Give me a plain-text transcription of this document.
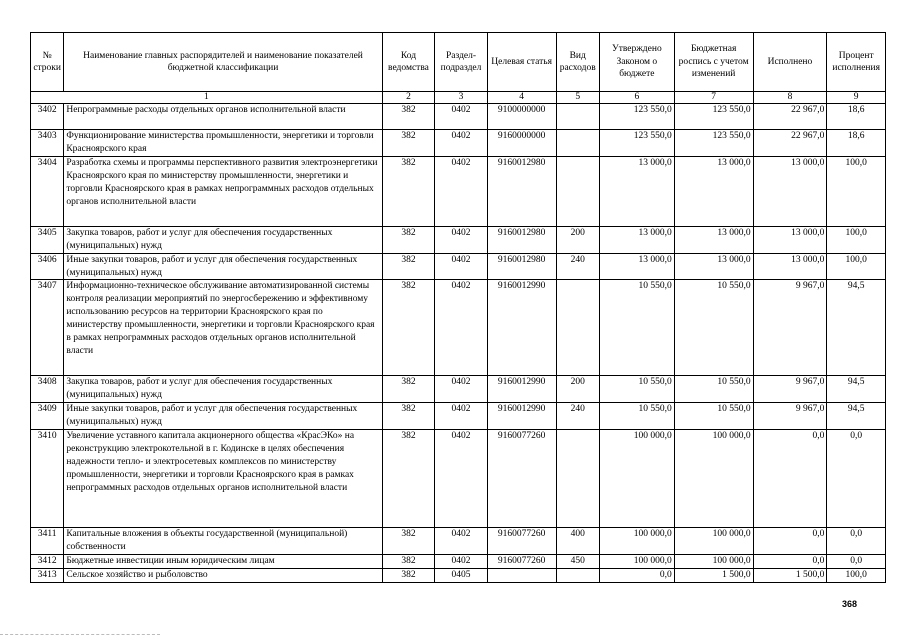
№ строки	Наименование главных распорядителей и наименование показателей бюджетной классификации	Код ведомства	Раздел-подраздел	Целевая статья	Вид расходов	Утверждено Законом о бюджете	Бюджетная роспись с учетом изменений	Исполнено	Процент исполнения
1		2	3	4	5	6	7	8	9
3402	Непрограммные расходы отдельных органов исполнительной власти	382	0402	9100000000		123 550,0	123 550,0	22 967,0	18,6
3403	Функционирование министерства промышленности, энергетики и торговли Красноярского края	382	0402	9160000000		123 550,0	123 550,0	22 967,0	18,6
3404	Разработка схемы и программы перспективного развития электроэнергетики Красноярского края по министерству промышленности, энергетики и торговли Красноярского края в рамках непрограммных расходов отдельных органов исполнительной власти	382	0402	9160012980		13 000,0	13 000,0	13 000,0	100,0
3405	Закупка товаров, работ и услуг для обеспечения государственных (муниципальных) нужд	382	0402	9160012980	200	13 000,0	13 000,0	13 000,0	100,0
3406	Иные закупки товаров, работ и услуг для обеспечения государственных (муниципальных) нужд	382	0402	9160012980	240	13 000,0	13 000,0	13 000,0	100,0
3407	Информационно-техническое обслуживание автоматизированной системы контроля реализации мероприятий по энергосбережению и эффективному использованию ресурсов на территории Красноярского края по министерству промышленности, энергетики и торговли Красноярского края в рамках непрограммных расходов отдельных органов исполнительной власти	382	0402	9160012990		10 550,0	10 550,0	9 967,0	94,5
3408	Закупка товаров, работ и услуг для обеспечения государственных (муниципальных) нужд	382	0402	9160012990	200	10 550,0	10 550,0	9 967,0	94,5
3409	Иные закупки товаров, работ и услуг для обеспечения государственных (муниципальных) нужд	382	0402	9160012990	240	10 550,0	10 550,0	9 967,0	94,5
3410	Увеличение уставного капитала акционерного общества «КрасЭКо» на реконструкцию электрокотельной в г. Кодинске в целях обеспечения надежности тепло- и электросетевых комплексов по министерству промышленности, энергетики и торговли Красноярского края в рамках непрограммных расходов отдельных органов исполнительной власти	382	0402	9160077260		100 000,0	100 000,0	0,0	0,0
3411	Капитальные вложения в объекты государственной (муниципальной) собственности	382	0402	9160077260	400	100 000,0	100 000,0	0,0	0,0
3412	Бюджетные инвестиции иным юридическим лицам	382	0402	9160077260	450	100 000,0	100 000,0	0,0	0,0
3413	Сельское хозяйство и рыболовство	382	0405			0,0	1 500,0	1 500,0	100,0
368
